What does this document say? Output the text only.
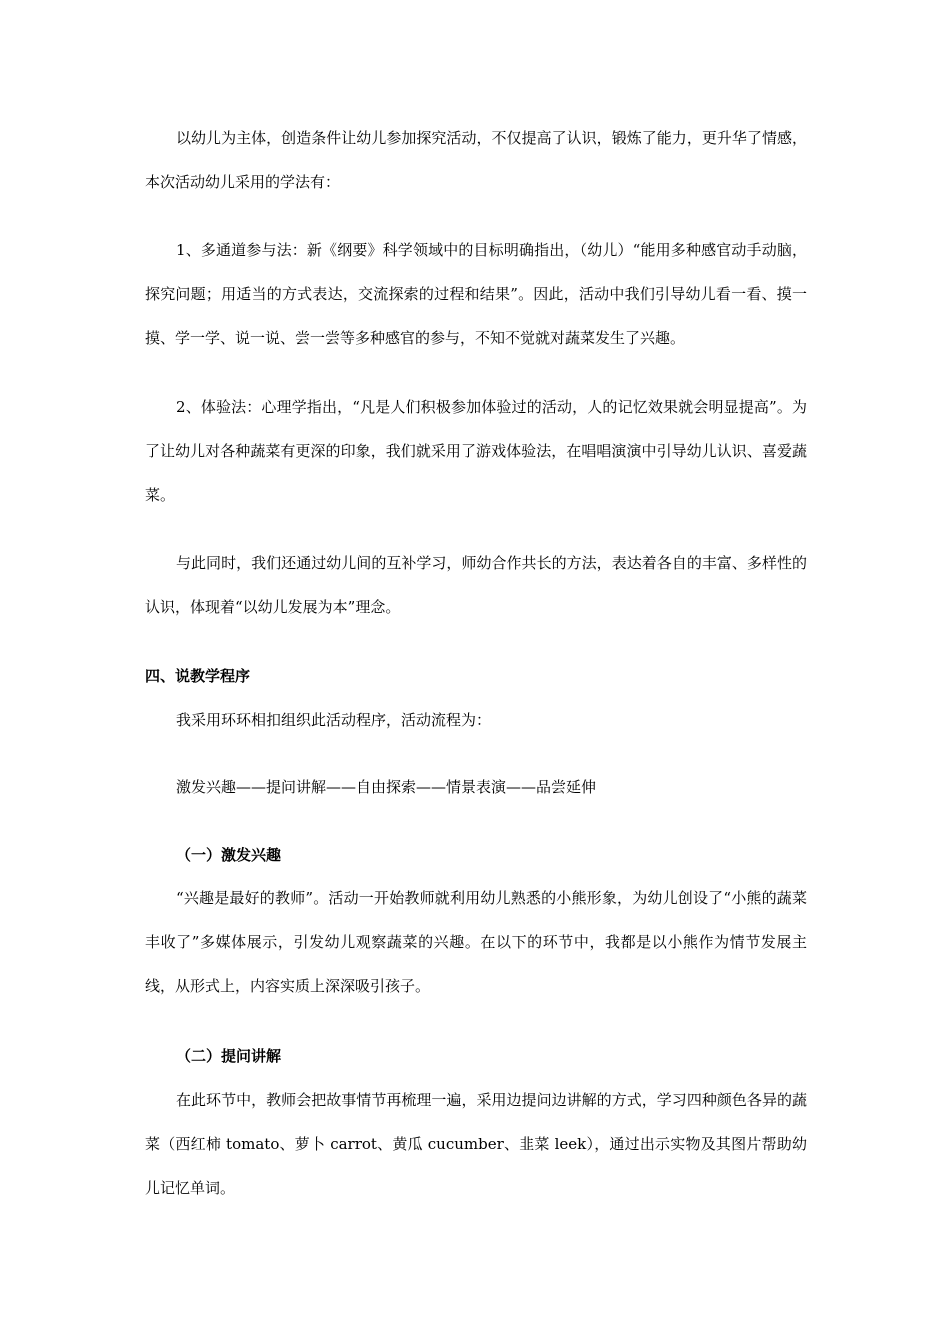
以幼儿为主体，创造条件让幼儿参加探究活动，不仅提高了认识，锻炼了能力，更升华了情感，本次活动幼儿采用的学法有：

1、多通道参与法：新《纲要》科学领域中的目标明确指出，（幼儿）“能用多种感官动手动脑，探究问题；用适当的方式表达，交流探索的过程和结果”。因此，活动中我们引导幼儿看一看、摸一摸、学一学、说一说、尝一尝等多种感官的参与，不知不觉就对蔬菜发生了兴趣。

2、体验法：心理学指出，“凡是人们积极参加体验过的活动，人的记忆效果就会明显提高”。为了让幼儿对各种蔬菜有更深的印象，我们就采用了游戏体验法，在唱唱演演中引导幼儿认识、喜爱蔬菜。

与此同时，我们还通过幼儿间的互补学习，师幼合作共长的方法，表达着各自的丰富、多样性的认识，体现着“以幼儿发展为本”理念。

四、说教学程序

我采用环环相扣组织此活动程序，活动流程为：

激发兴趣——提问讲解——自由探索——情景表演——品尝延伸

（一）激发兴趣

“兴趣是最好的教师”。活动一开始教师就利用幼儿熟悉的小熊形象，为幼儿创设了“小熊的蔬菜丰收了”多媒体展示，引发幼儿观察蔬菜的兴趣。在以下的环节中，我都是以小熊作为情节发展主线，从形式上，内容实质上深深吸引孩子。

（二）提问讲解

在此环节中，教师会把故事情节再梳理一遍，采用边提问边讲解的方式，学习四种颜色各异的蔬菜（西红柿 tomato、萝卜 carrot、黄瓜 cucumber、韭菜 leek），通过出示实物及其图片帮助幼儿记忆单词。
